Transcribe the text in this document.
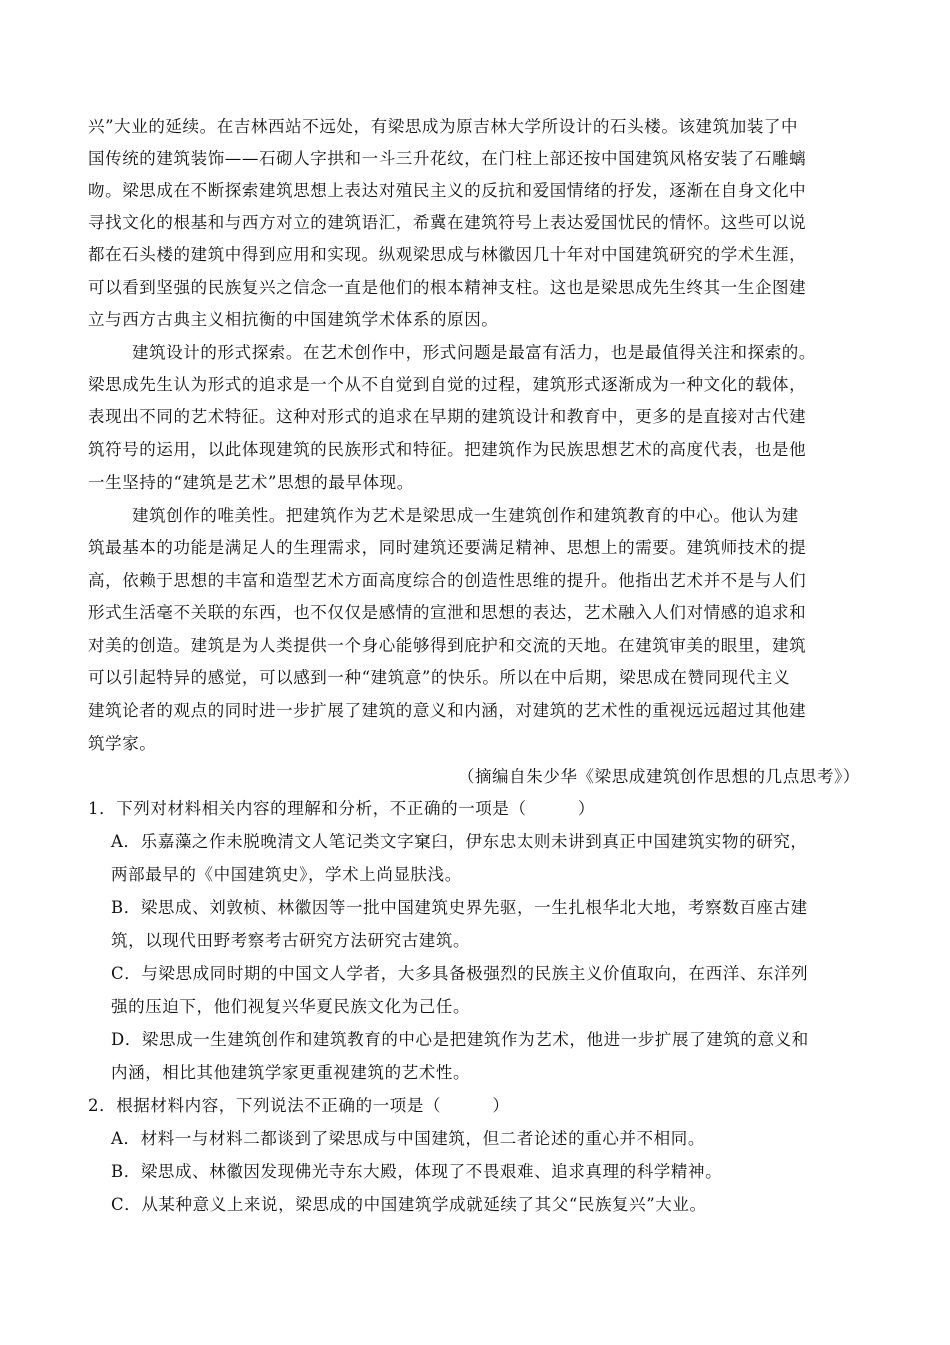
兴”大业的延续。在吉林西站不远处，有梁思成为原吉林大学所设计的石头楼。该建筑加装了中
国传统的建筑装饰——石砌人字拱和一斗三升花纹，在门柱上部还按中国建筑风格安装了石雕螭
吻。梁思成在不断探索建筑思想上表达对殖民主义的反抗和爱国情绪的抒发，逐渐在自身文化中
寻找文化的根基和与西方对立的建筑语汇，希冀在建筑符号上表达爱国忧民的情怀。这些可以说
都在石头楼的建筑中得到应用和实现。纵观梁思成与林徽因几十年对中国建筑研究的学术生涯，
可以看到坚强的民族复兴之信念一直是他们的根本精神支柱。这也是梁思成先生终其一生企图建
立与西方古典主义相抗衡的中国建筑学术体系的原因。
建筑设计的形式探索。在艺术创作中，形式问题是最富有活力，也是最值得关注和探索的。
梁思成先生认为形式的追求是一个从不自觉到自觉的过程，建筑形式逐渐成为一种文化的载体，
表现出不同的艺术特征。这种对形式的追求在早期的建筑设计和教育中，更多的是直接对古代建
筑符号的运用，以此体现建筑的民族形式和特征。把建筑作为民族思想艺术的高度代表，也是他
一生坚持的“建筑是艺术”思想的最早体现。
建筑创作的唯美性。把建筑作为艺术是梁思成一生建筑创作和建筑教育的中心。他认为建
筑最基本的功能是满足人的生理需求，同时建筑还要满足精神、思想上的需要。建筑师技术的提
高，依赖于思想的丰富和造型艺术方面高度综合的创造性思维的提升。他指出艺术并不是与人们
形式生活毫不关联的东西，也不仅仅是感情的宣泄和思想的表达，艺术融入人们对情感的追求和
对美的创造。建筑是为人类提供一个身心能够得到庇护和交流的天地。在建筑审美的眼里，建筑
可以引起特异的感觉，可以感到一种“建筑意”的快乐。所以在中后期，梁思成在赞同现代主义
建筑论者的观点的同时进一步扩展了建筑的意义和内涵，对建筑的艺术性的重视远远超过其他建
筑学家。
（摘编自朱少华《梁思成建筑创作思想的几点思考》）
1．下列对材料相关内容的理解和分析，不正确的一项是（　　　）
A．乐嘉藻之作未脱晚清文人笔记类文字窠臼，伊东忠太则未讲到真正中国建筑实物的研究，
两部最早的《中国建筑史》，学术上尚显肤浅。
B．梁思成、刘敦桢、林徽因等一批中国建筑史界先驱，一生扎根华北大地，考察数百座古建
筑，以现代田野考察考古研究方法研究古建筑。
C．与梁思成同时期的中国文人学者，大多具备极强烈的民族主义价值取向，在西洋、东洋列
强的压迫下，他们视复兴华夏民族文化为己任。
D．梁思成一生建筑创作和建筑教育的中心是把建筑作为艺术，他进一步扩展了建筑的意义和
内涵，相比其他建筑学家更重视建筑的艺术性。
2．根据材料内容，下列说法不正确的一项是（　　　）
A．材料一与材料二都谈到了梁思成与中国建筑，但二者论述的重心并不相同。
B．梁思成、林徽因发现佛光寺东大殿，体现了不畏艰难、追求真理的科学精神。
C．从某种意义上来说，梁思成的中国建筑学成就延续了其父“民族复兴”大业。
